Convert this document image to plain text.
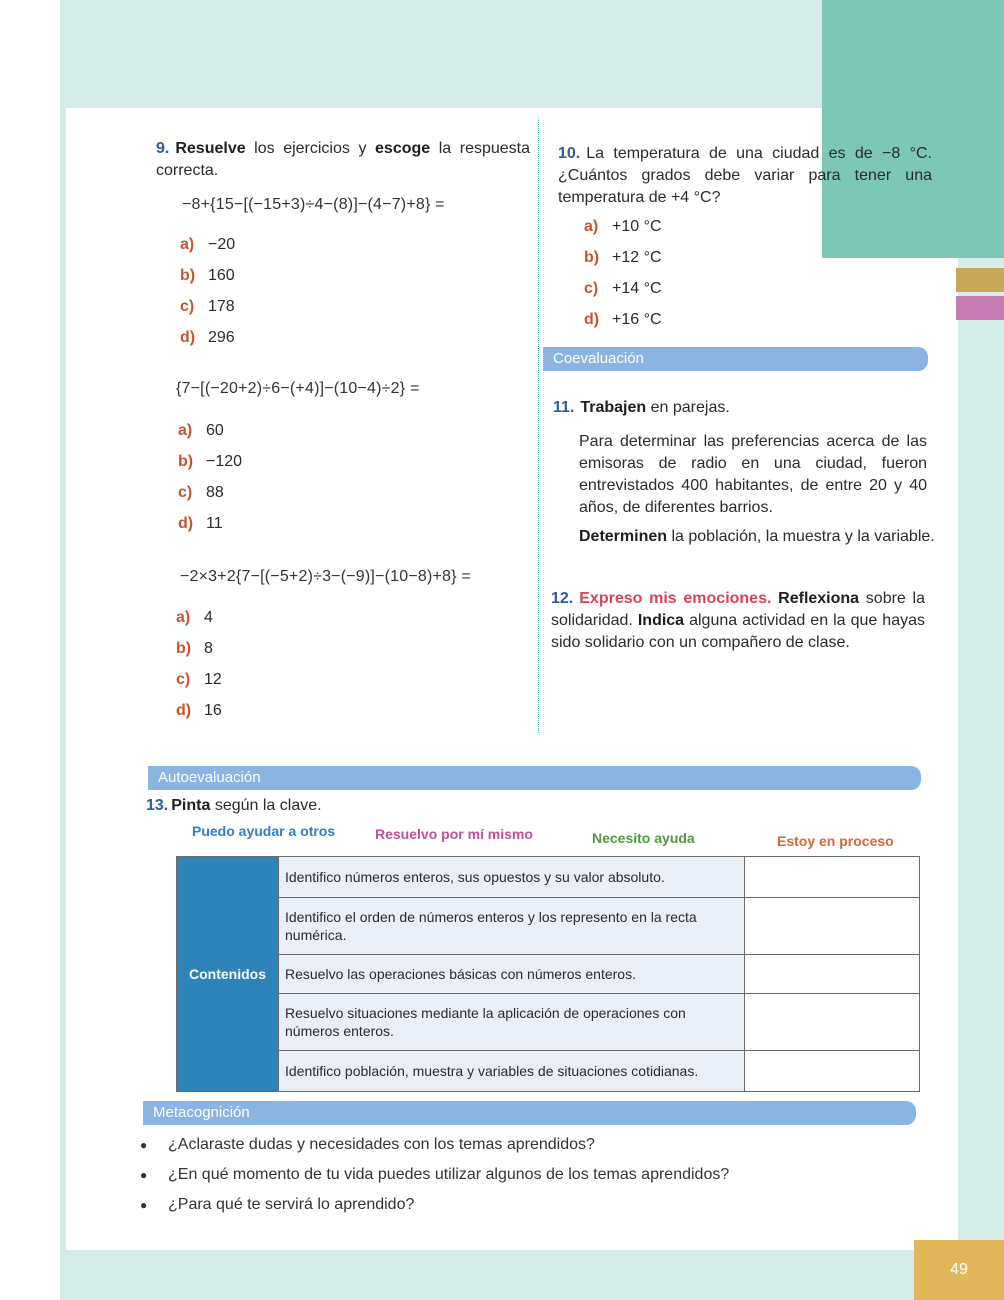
49
9. Resuelve los ejercicios y escoge la respuesta correcta.
−8+{15−[(−15+3)÷4−(8)]−(4−7)+8} =
a) −20
b) 160
c) 178
d) 296
{7−[(−20+2)÷6−(+4)]−(10−4)÷2} =
a) 60
b) −120
c) 88
d) 11
−2×3+2{7−[(−5+2)÷3−(−9)]−(10−8)+8} =
a) 4
b) 8
c) 12
d) 16
10. La temperatura de una ciudad es de −8 °C. ¿Cuántos grados debe variar para tener una temperatura de +4 °C?
a) +10 °C
b) +12 °C
c) +14 °C
d) +16 °C
Coevaluación
11. Trabajen en parejas.
Para determinar las preferencias acerca de las emisoras de radio en una ciudad, fueron entrevistados 400 habitantes, de entre 20 y 40 años, de diferentes barrios.
Determinen la población, la muestra y la variable.
12. Expreso mis emociones. Reflexiona sobre la solidaridad. Indica alguna actividad en la que hayas sido solidario con un compañero de clase.
Autoevaluación
13. Pinta según la clave.
Puedo ayudar a otros	Resuelvo por mí mismo	Necesito ayuda	Estoy en proceso
Contenidos	Identifico números enteros, sus opuestos y su valor absoluto.	
	Identifico el orden de números enteros y los represento en la recta numérica.	
	Resuelvo las operaciones básicas con números enteros.	
	Resuelvo situaciones mediante la aplicación de operaciones con números enteros.	
	Identifico población, muestra y variables de situaciones cotidianas.	
Metacognición
● ¿Aclaraste dudas y necesidades con los temas aprendidos?
● ¿En qué momento de tu vida puedes utilizar algunos de los temas aprendidos?
● ¿Para qué te servirá lo aprendido?
